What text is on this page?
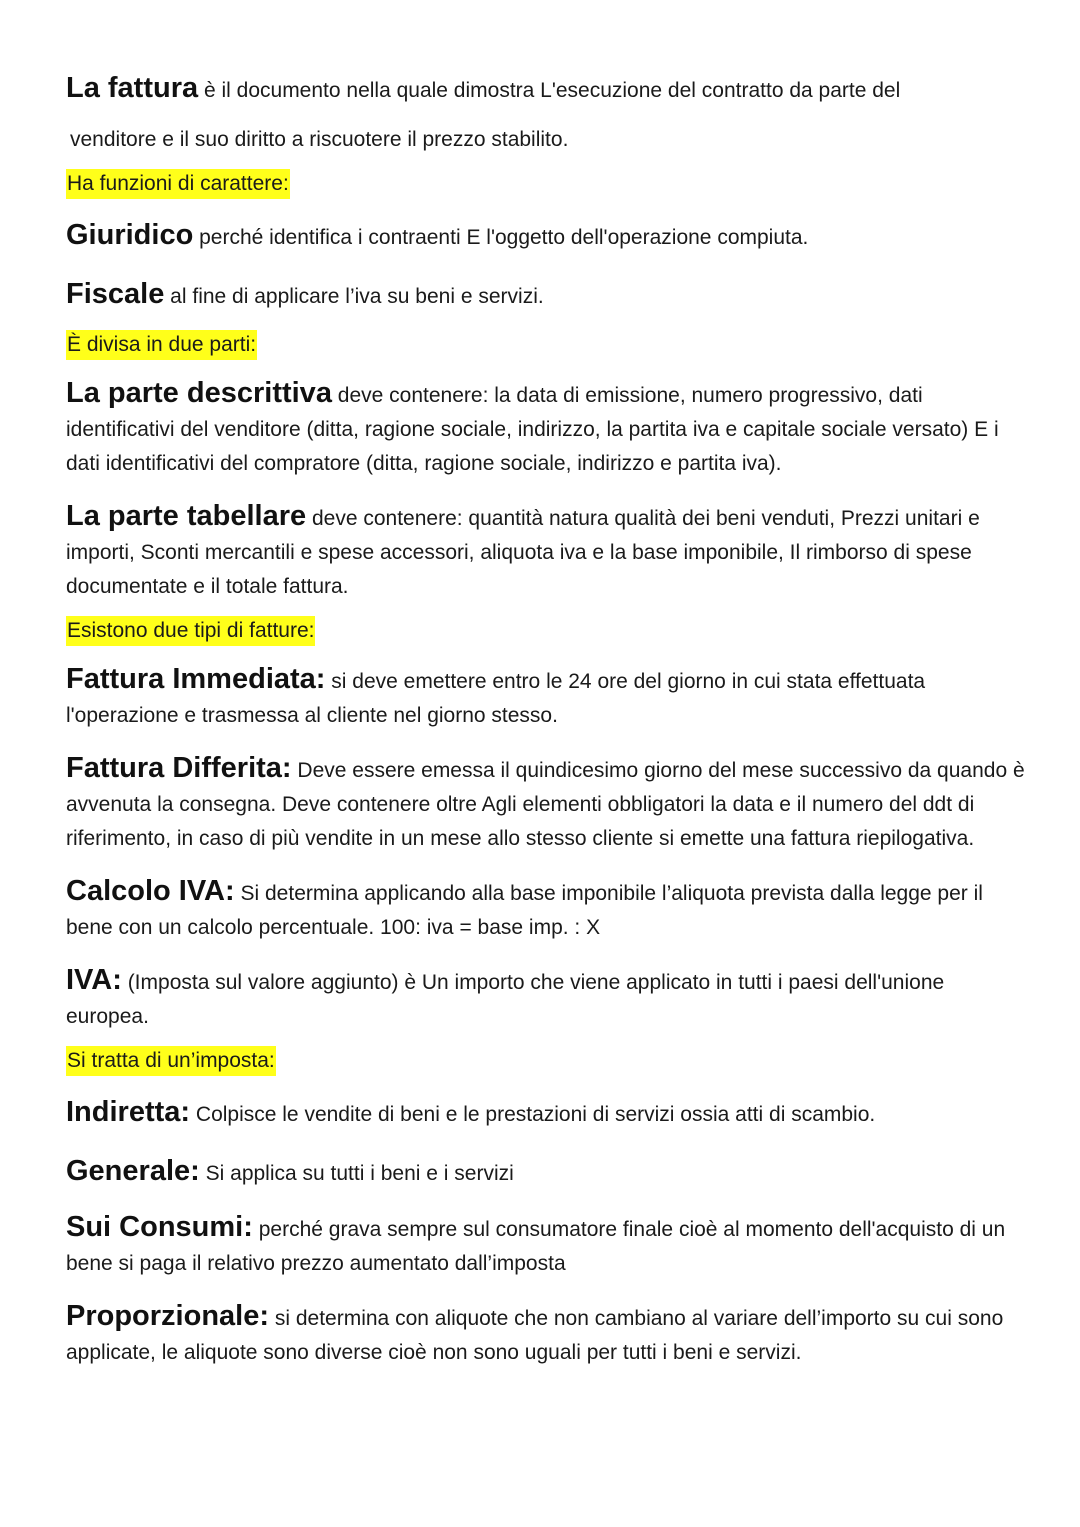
La fattura è il documento nella quale dimostra L'esecuzione del contratto da parte del

venditore e il suo diritto a riscuotere il prezzo stabilito.

Ha funzioni di carattere:

Giuridico perché identifica i contraenti E l'oggetto dell'operazione compiuta.

Fiscale al fine di applicare l’iva su beni e servizi.

È divisa in due parti:

La parte descrittiva deve contenere: la data di emissione, numero progressivo, dati identificativi del venditore (ditta, ragione sociale, indirizzo, la partita iva e capitale sociale versato) E i dati identificativi del compratore (ditta, ragione sociale, indirizzo e partita iva).

La parte tabellare deve contenere: quantità natura qualità dei beni venduti, Prezzi unitari e importi, Sconti mercantili e spese accessori, aliquota iva e la base imponibile, Il rimborso di spese documentate e il totale fattura.

Esistono due tipi di fatture:

Fattura Immediata: si deve emettere entro le 24 ore del giorno in cui stata effettuata l'operazione e trasmessa al cliente nel giorno stesso.

Fattura Differita: Deve essere emessa il quindicesimo giorno del mese successivo da quando è avvenuta la consegna. Deve contenere oltre Agli elementi obbligatori la data e il numero del ddt di riferimento, in caso di più vendite in un mese allo stesso cliente si emette una fattura riepilogativa.

Calcolo IVA: Si determina applicando alla base imponibile l’aliquota prevista dalla legge per il bene con un calcolo percentuale. 100: iva = base imp. : X

IVA: (Imposta sul valore aggiunto) è Un importo che viene applicato in tutti i paesi dell'unione europea.

Si tratta di un’imposta:

Indiretta: Colpisce le vendite di beni e le prestazioni di servizi ossia atti di scambio.

Generale: Si applica su tutti i beni e i servizi

Sui Consumi: perché grava sempre sul consumatore finale cioè al momento dell'acquisto di un bene si paga il relativo prezzo aumentato dall’imposta

Proporzionale: si determina con aliquote che non cambiano al variare dell’importo su cui sono applicate, le aliquote sono diverse cioè non sono uguali per tutti i beni e servizi.
